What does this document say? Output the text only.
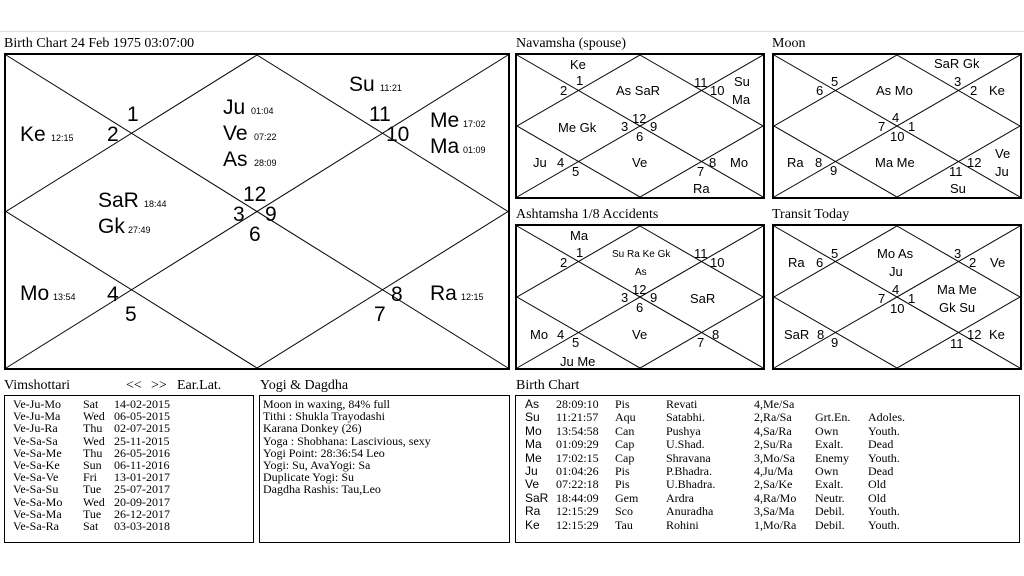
Birth Chart 24 Feb 1975 03:07:00
1
2
3
4
5
6
7
8
9
10
11
12
Ke
Ju
Ve
As
Su
Me
Ma
SaR
Gk
Mo	Ra
12:15
01:04
07:22
28:09
11:21
17:02
01:09
18:44
27:49
13:54	12:15
Navamsha (spouse)
Ke
1
2	As SaR
11
10
Su
Ma
Me Gk 3
12
9
6
Ju 4
5
Ve	8 Mo
7
Ra
Moon
SaR Gk
6
5
As Mo
3
2 Ke
7
4
1
10
Ra 8
9
Ma Me	12
11
Ve
Ju
Su
Ashtamsha 1/8 Accidents
Ma
2
1	11
10
3
12
9
6
SaR
Mo 4
5
Ve	8
7
Ju Me
Su Ra Ke Gk
As
Transit Today
Ra 6
5	Mo As
Ju
3
2 Ve
7
4
1
10
Ma Me
Gk Su
SaR 8
9	11
12 Ke
Vimshottari	<< >> Ear.Lat.
Ve-Ju-Mo Sat 14-02-2015
Ve-Ju-Ma Wed 06-05-2015
Ve-Ju-Ra Thu 02-07-2015
Ve-Sa-Sa Wed 25-11-2015
Ve-Sa-Me Thu 26-05-2016
Ve-Sa-Ke Sun 06-11-2016
Ve-Sa-Ve Fri 13-01-2017
Ve-Sa-Su Tue 25-07-2017
Ve-Sa-Mo Wed 20-09-2017
Ve-Sa-Ma Tue 26-12-2017
Ve-Sa-Ra Sat 03-03-2018
Yogi & Dagdha
Moon in waxing, 84% full
Tithi : Shukla Trayodashi
Karana Donkey (26)
Yoga : Shobhana: Lascivious, sexy
Yogi Point: 28:36:54 Leo
Yogi: Su, AvaYogi: Sa
Duplicate Yogi: Su
Dagdha Rashis: Tau,Leo
Birth Chart
As 28:09:10 Pis	Revati	4,Me/Sa
Su 11:21:57 Aqu	Satabhi.	2,Ra/Sa Grt.En. Adoles.
Mo 13:54:58 Can	Pushya	4,Sa/Ra Own Youth.
Ma 01:09:29 Cap	U.Shad.	2,Su/Ra Exalt. Dead
Me 17:02:15 Cap	Shravana	3,Mo/Sa Enemy Youth.
Ju 01:04:26 Pis	P.Bhadra.	4,Ju/Ma Own Dead
Ve 07:22:18 Pis	U.Bhadra.	2,Sa/Ke Exalt. Old
SaR 18:44:09 Gem Ardra	4,Ra/Mo Neutr. Old
Ra 12:15:29 Sco	Anuradha	3,Sa/Ma Debil. Youth.
Ke 12:15:29 Tau	Rohini	1,Mo/Ra Debil. Youth.
